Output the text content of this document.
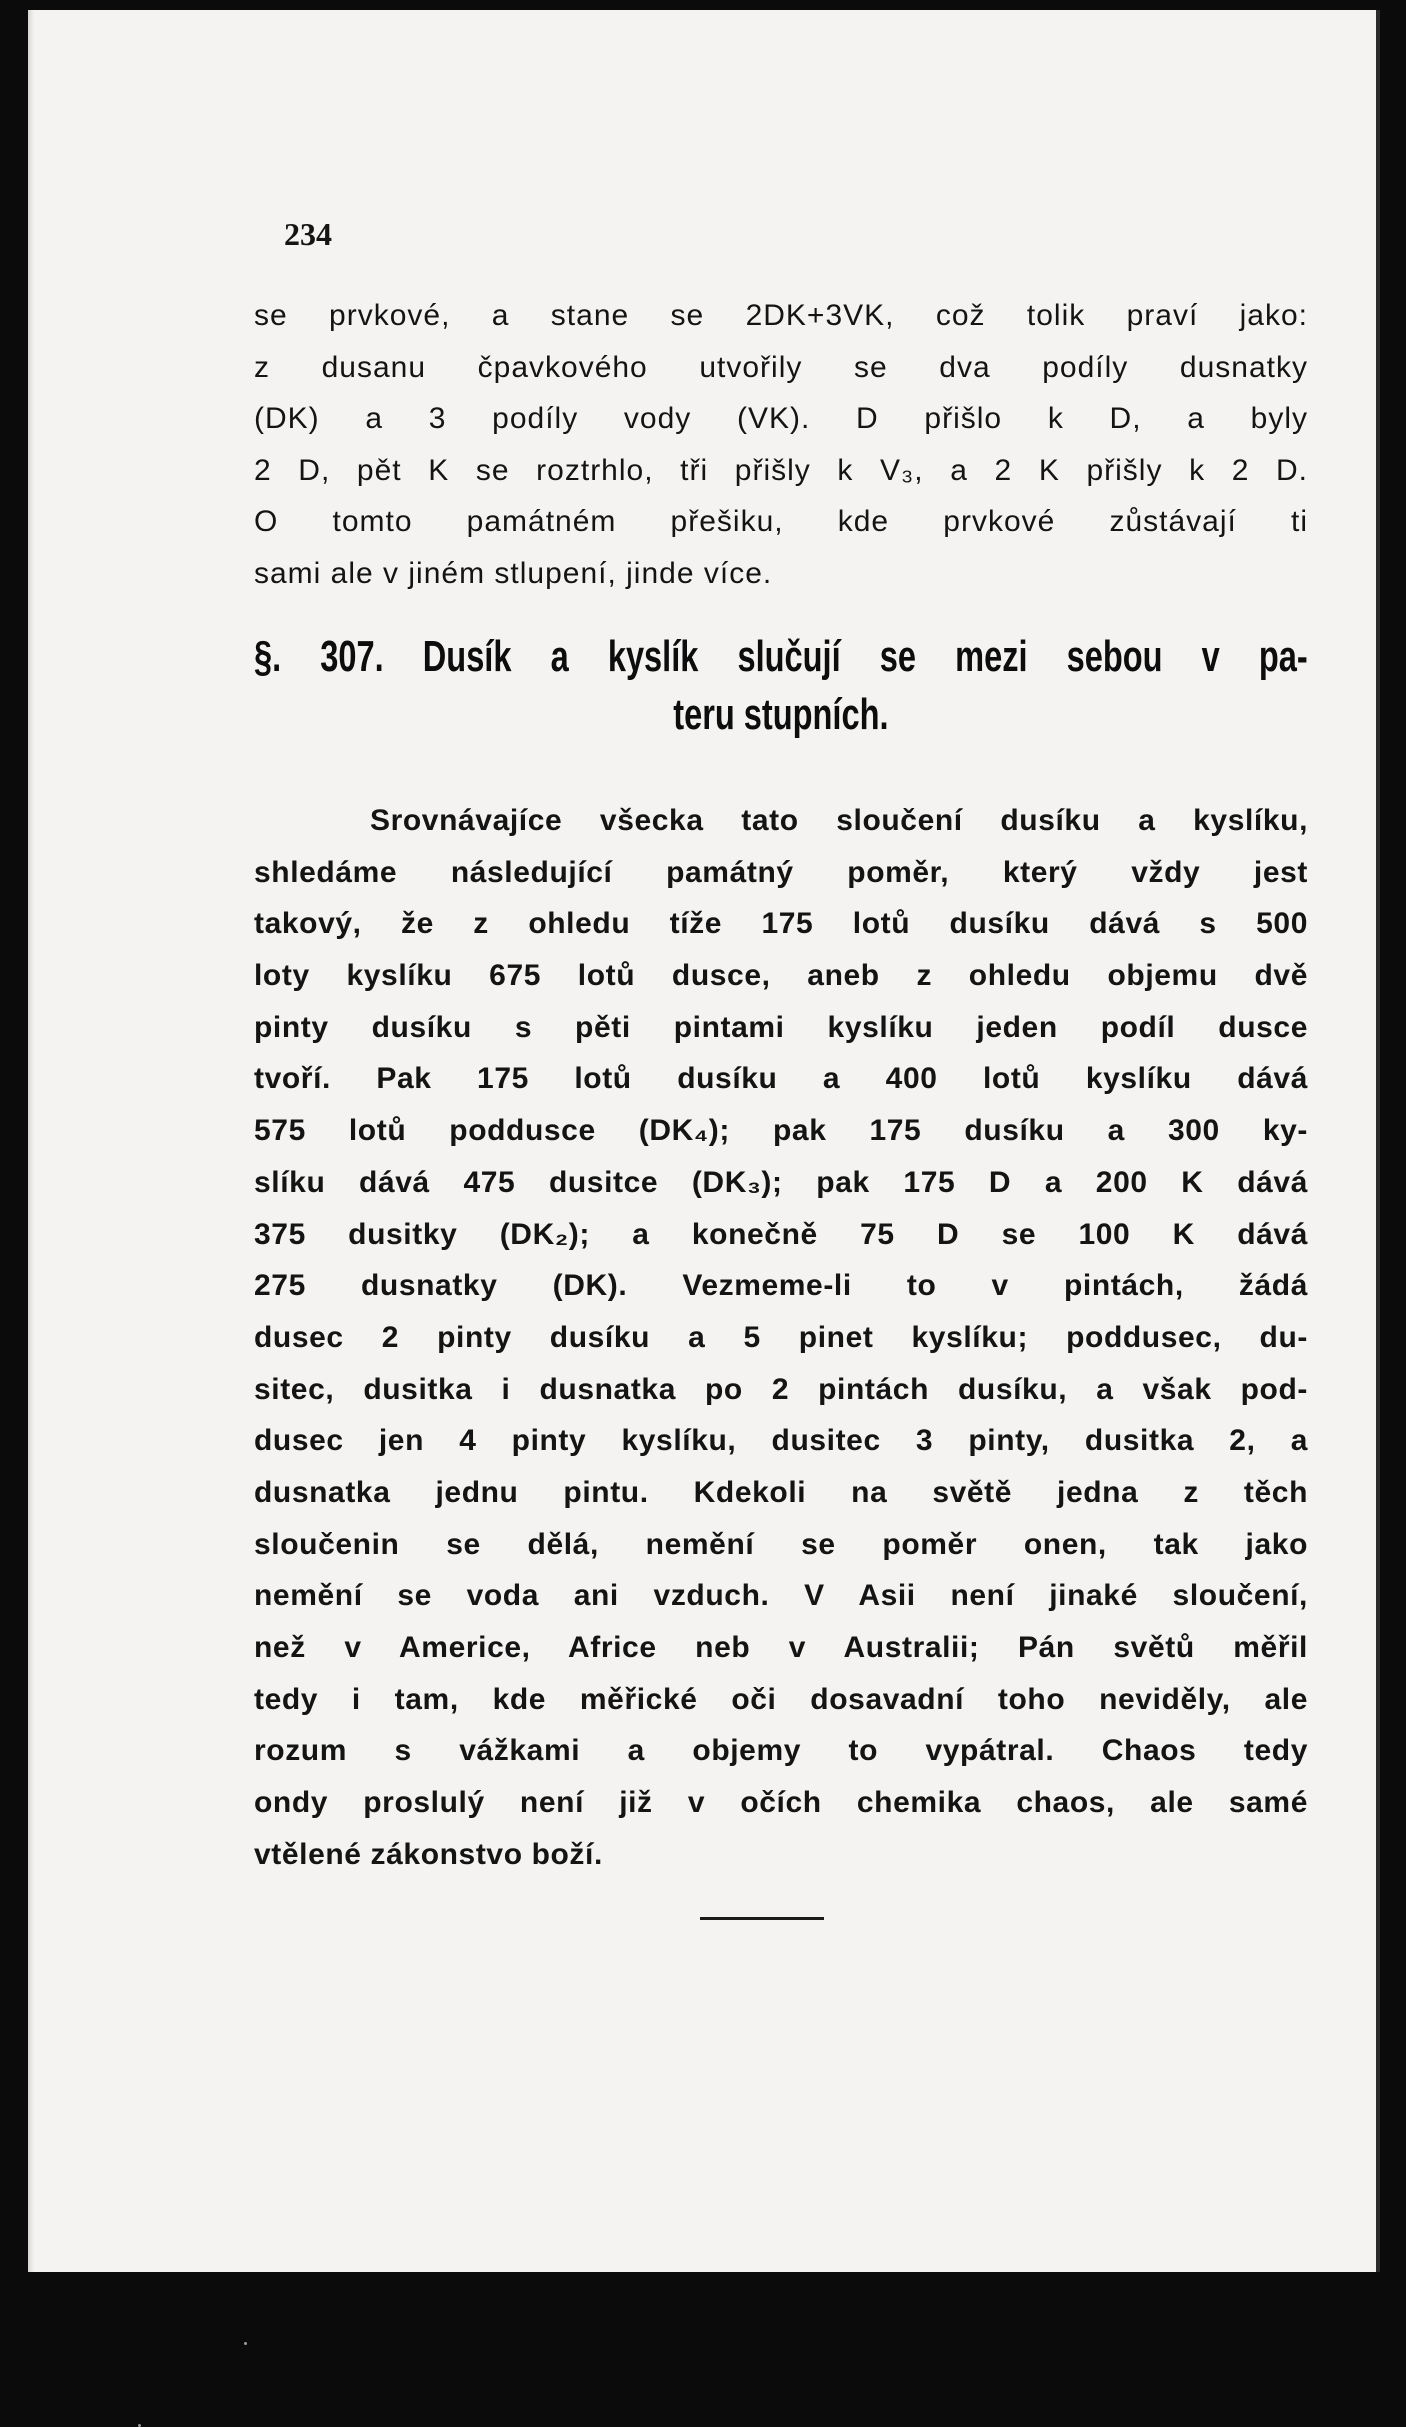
234
se prvkové, a stane se 2DK+3VK, což tolik praví jako:
z dusanu čpavkového utvořily se dva podíly dusnatky
(DK) a 3 podíly vody (VK). D přišlo k D, a byly
2 D, pět K se roztrhlo, tři přišly k V₃, a 2 K přišly k 2 D.
O tomto památném přešiku, kde prvkové zůstávají ti
sami ale v jiném stlupení, jinde více.
§. 307. Dusík a kyslík slučují se mezi sebou v pa-
teru stupních.
Srovnávajíce všecka tato sloučení dusíku a kyslíku,
shledáme následující památný poměr, který vždy jest
takový, že z ohledu tíže 175 lotů dusíku dává s 500
loty kyslíku 675 lotů dusce, aneb z ohledu objemu dvě
pinty dusíku s pěti pintami kyslíku jeden podíl dusce
tvoří. Pak 175 lotů dusíku a 400 lotů kyslíku dává
575 lotů poddusce (DK₄); pak 175 dusíku a 300 ky-
slíku dává 475 dusitce (DK₃); pak 175 D a 200 K dává
375 dusitky (DK₂); a konečně 75 D se 100 K dává
275 dusnatky (DK). Vezmeme-li to v pintách, žádá
dusec 2 pinty dusíku a 5 pinet kyslíku; poddusec, du-
sitec, dusitka i dusnatka po 2 pintách dusíku, a však pod-
dusec jen 4 pinty kyslíku, dusitec 3 pinty, dusitka 2, a
dusnatka jednu pintu. Kdekoli na světě jedna z těch
sloučenin se dělá, nemění se poměr onen, tak jako
nemění se voda ani vzduch. V Asii není jinaké sloučení,
než v Americe, Africe neb v Australii; Pán světů měřil
tedy i tam, kde měřické oči dosavadní toho neviděly, ale
rozum s vážkami a objemy to vypátral. Chaos tedy
ondy proslulý není již v očích chemika chaos, ale samé
vtělené zákonstvo boží.
